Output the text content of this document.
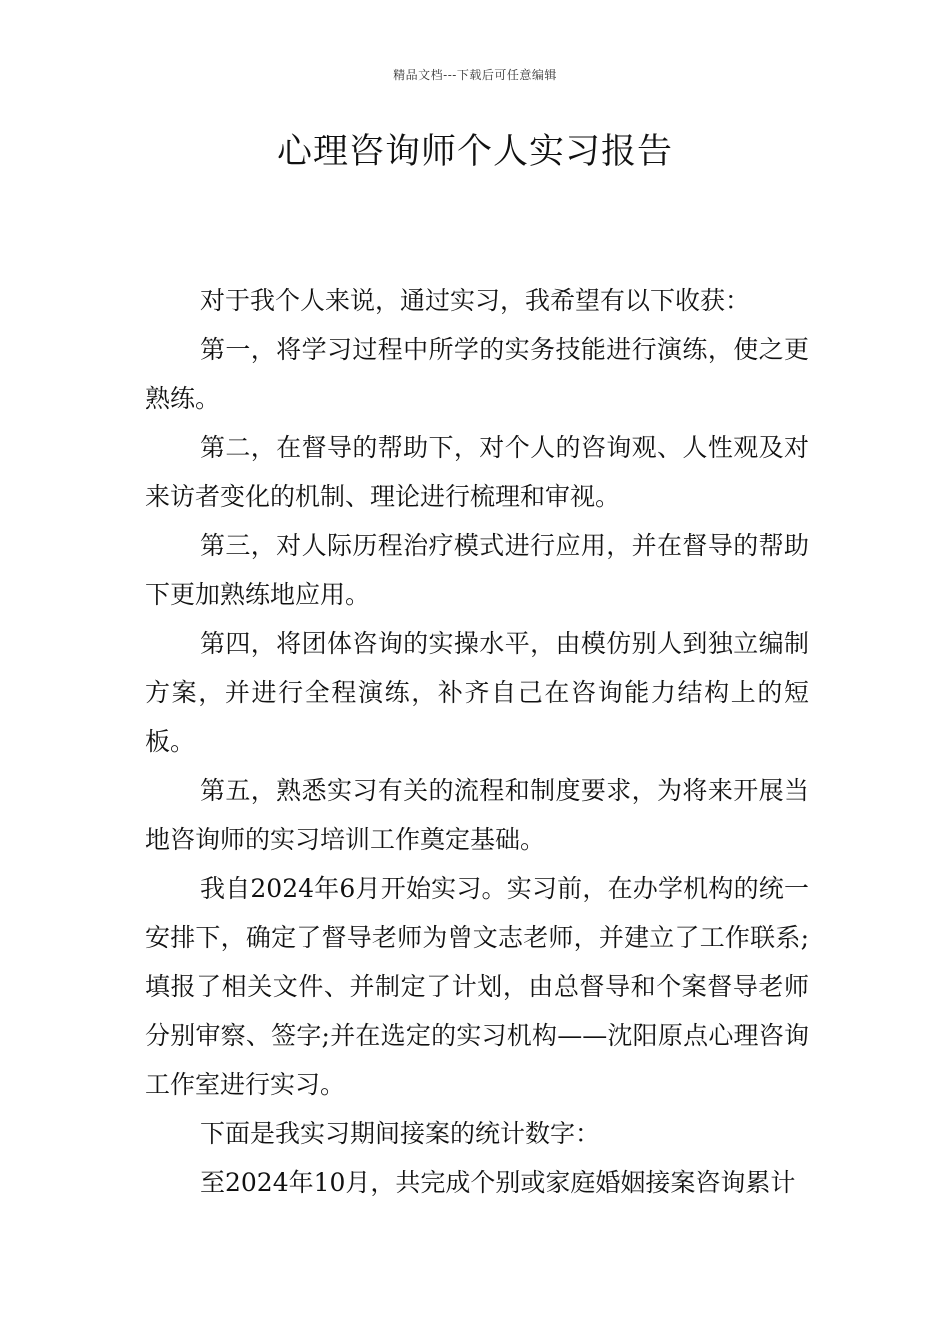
精品文档---下载后可任意编辑
心理咨询师个人实习报告

对于我个人来说，通过实习，我希望有以下收获：

第一，将学习过程中所学的实务技能进行演练，使之更熟练。

第二，在督导的帮助下，对个人的咨询观、人性观及对来访者变化的机制、理论进行梳理和审视。

第三，对人际历程治疗模式进行应用，并在督导的帮助下更加熟练地应用。

第四，将团体咨询的实操水平，由模仿别人到独立编制方案，并进行全程演练，补齐自己在咨询能力结构上的短板。

第五，熟悉实习有关的流程和制度要求，为将来开展当地咨询师的实习培训工作奠定基础。

我自2024年6月开始实习。实习前，在办学机构的统一安排下，确定了督导老师为曾文志老师，并建立了工作联系;填报了相关文件、并制定了计划，由总督导和个案督导老师分别审察、签字;并在选定的实习机构——沈阳原点心理咨询工作室进行实习。

下面是我实习期间接案的统计数字：

至2024年10月，共完成个别或家庭婚姻接案咨询累计
